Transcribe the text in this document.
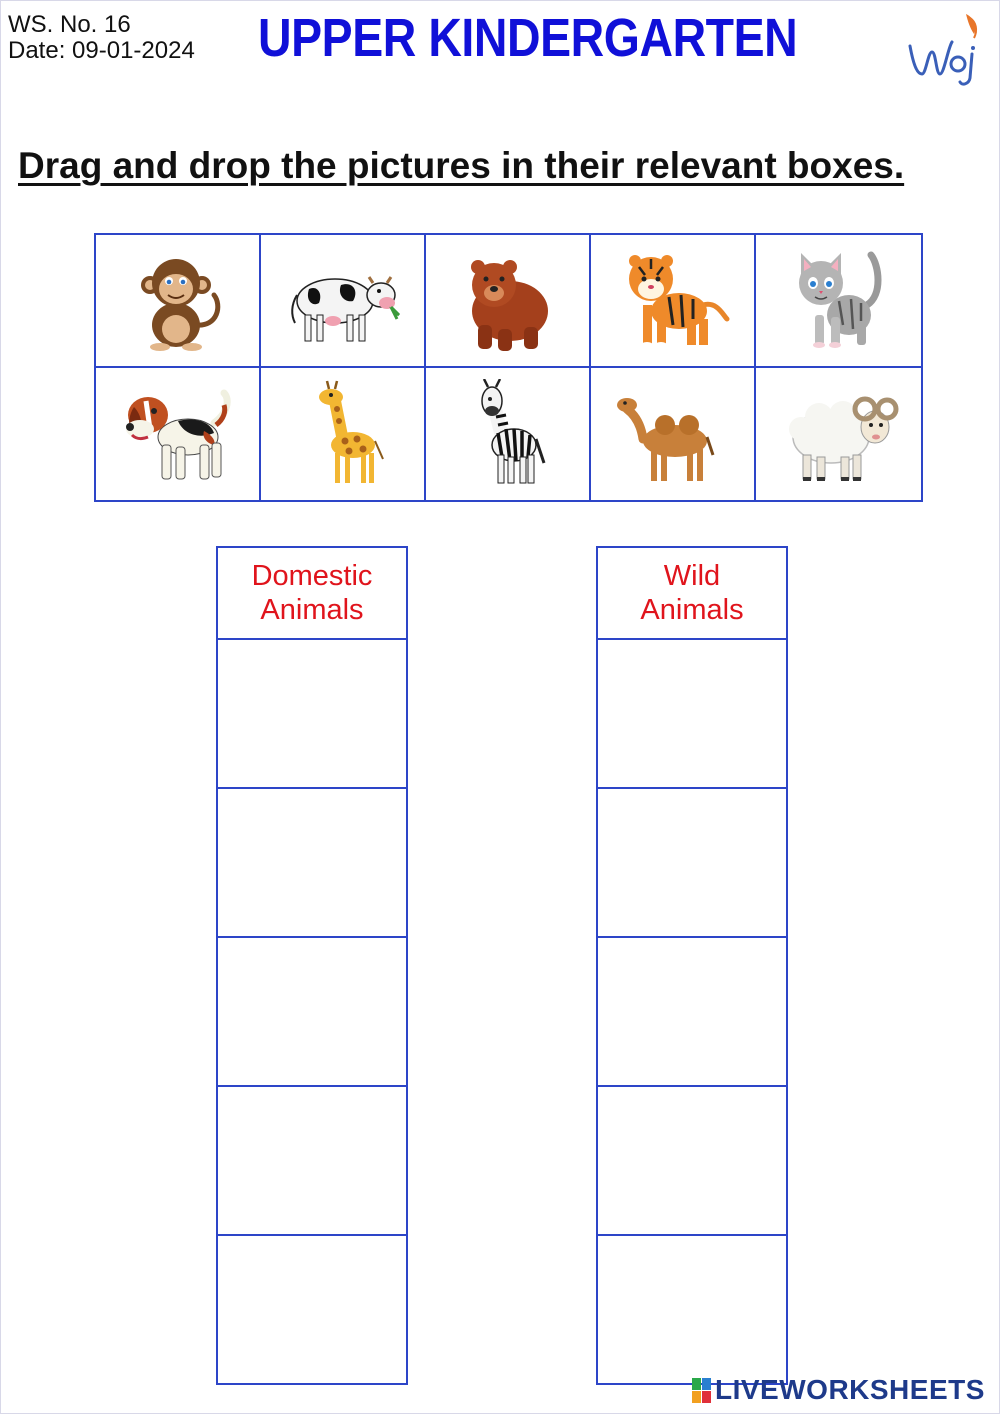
WS. No. 16
Date: 09-01-2024 UPPER KINDERGARTEN
Drag and drop the pictures in their relevant boxes.
Domestic
Animals
Wild
Animals
LIVEWORKSHEETS
